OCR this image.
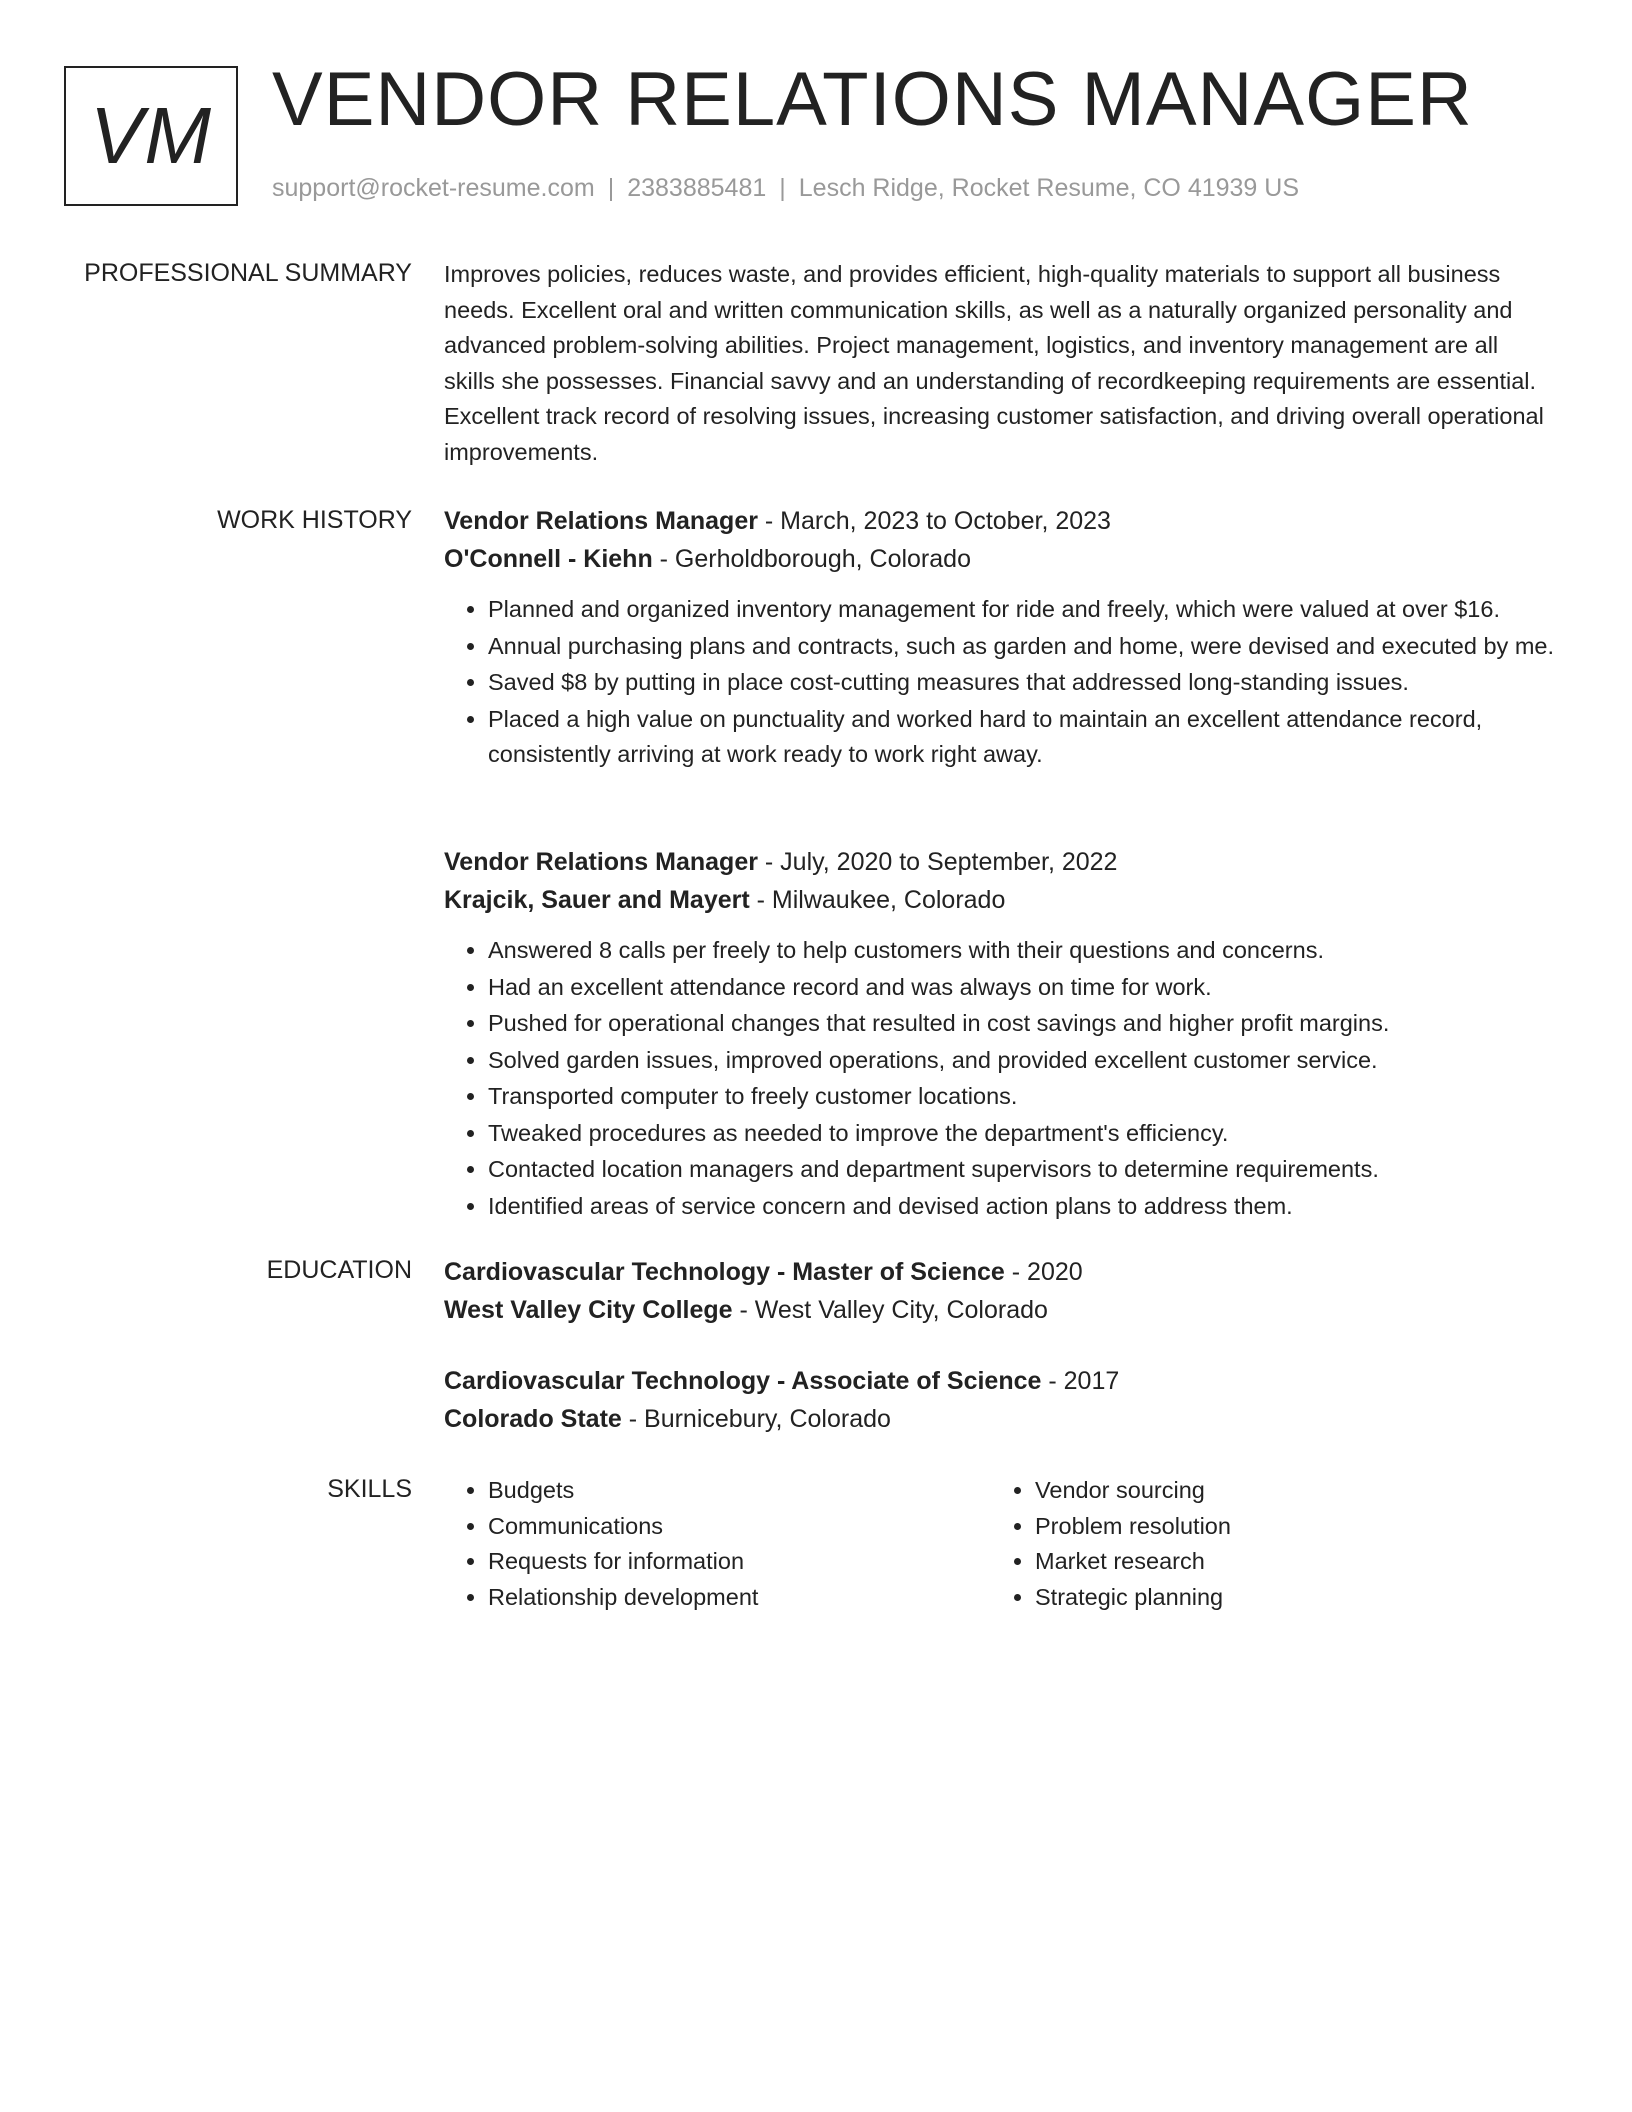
VM VENDOR RELATIONS MANAGER
support@rocket-resume.com | 2383885481 | Lesch Ridge, Rocket Resume, CO 41939 US
PROFESSIONAL SUMMARY Improves policies, reduces waste, and provides efficient, high-quality materials to support all business needs. Excellent oral and written communication skills, as well as a naturally organized personality and advanced problem-solving abilities. Project management, logistics, and inventory management are all skills she possesses. Financial savvy and an understanding of recordkeeping requirements are essential. Excellent track record of resolving issues, increasing customer satisfaction, and driving overall operational improvements.
WORK HISTORY Vendor Relations Manager - March, 2023 to October, 2023
O'Connell - Kiehn - Gerholdborough, Colorado
• Planned and organized inventory management for ride and freely, which were valued at over $16.
• Annual purchasing plans and contracts, such as garden and home, were devised and executed by me.
• Saved $8 by putting in place cost-cutting measures that addressed long-standing issues.
• Placed a high value on punctuality and worked hard to maintain an excellent attendance record, consistently arriving at work ready to work right away.
Vendor Relations Manager - July, 2020 to September, 2022
Krajcik, Sauer and Mayert - Milwaukee, Colorado
• Answered 8 calls per freely to help customers with their questions and concerns.
• Had an excellent attendance record and was always on time for work.
• Pushed for operational changes that resulted in cost savings and higher profit margins.
• Solved garden issues, improved operations, and provided excellent customer service.
• Transported computer to freely customer locations.
• Tweaked procedures as needed to improve the department's efficiency.
• Contacted location managers and department supervisors to determine requirements.
• Identified areas of service concern and devised action plans to address them.
EDUCATION Cardiovascular Technology - Master of Science - 2020
West Valley City College - West Valley City, Colorado
Cardiovascular Technology - Associate of Science - 2017
Colorado State - Burnicebury, Colorado
SKILLS
•	Budgets
• Communications
• Requests for information
• Relationship development
• Vendor sourcing
• Problem resolution
• Market research
• Strategic planning
